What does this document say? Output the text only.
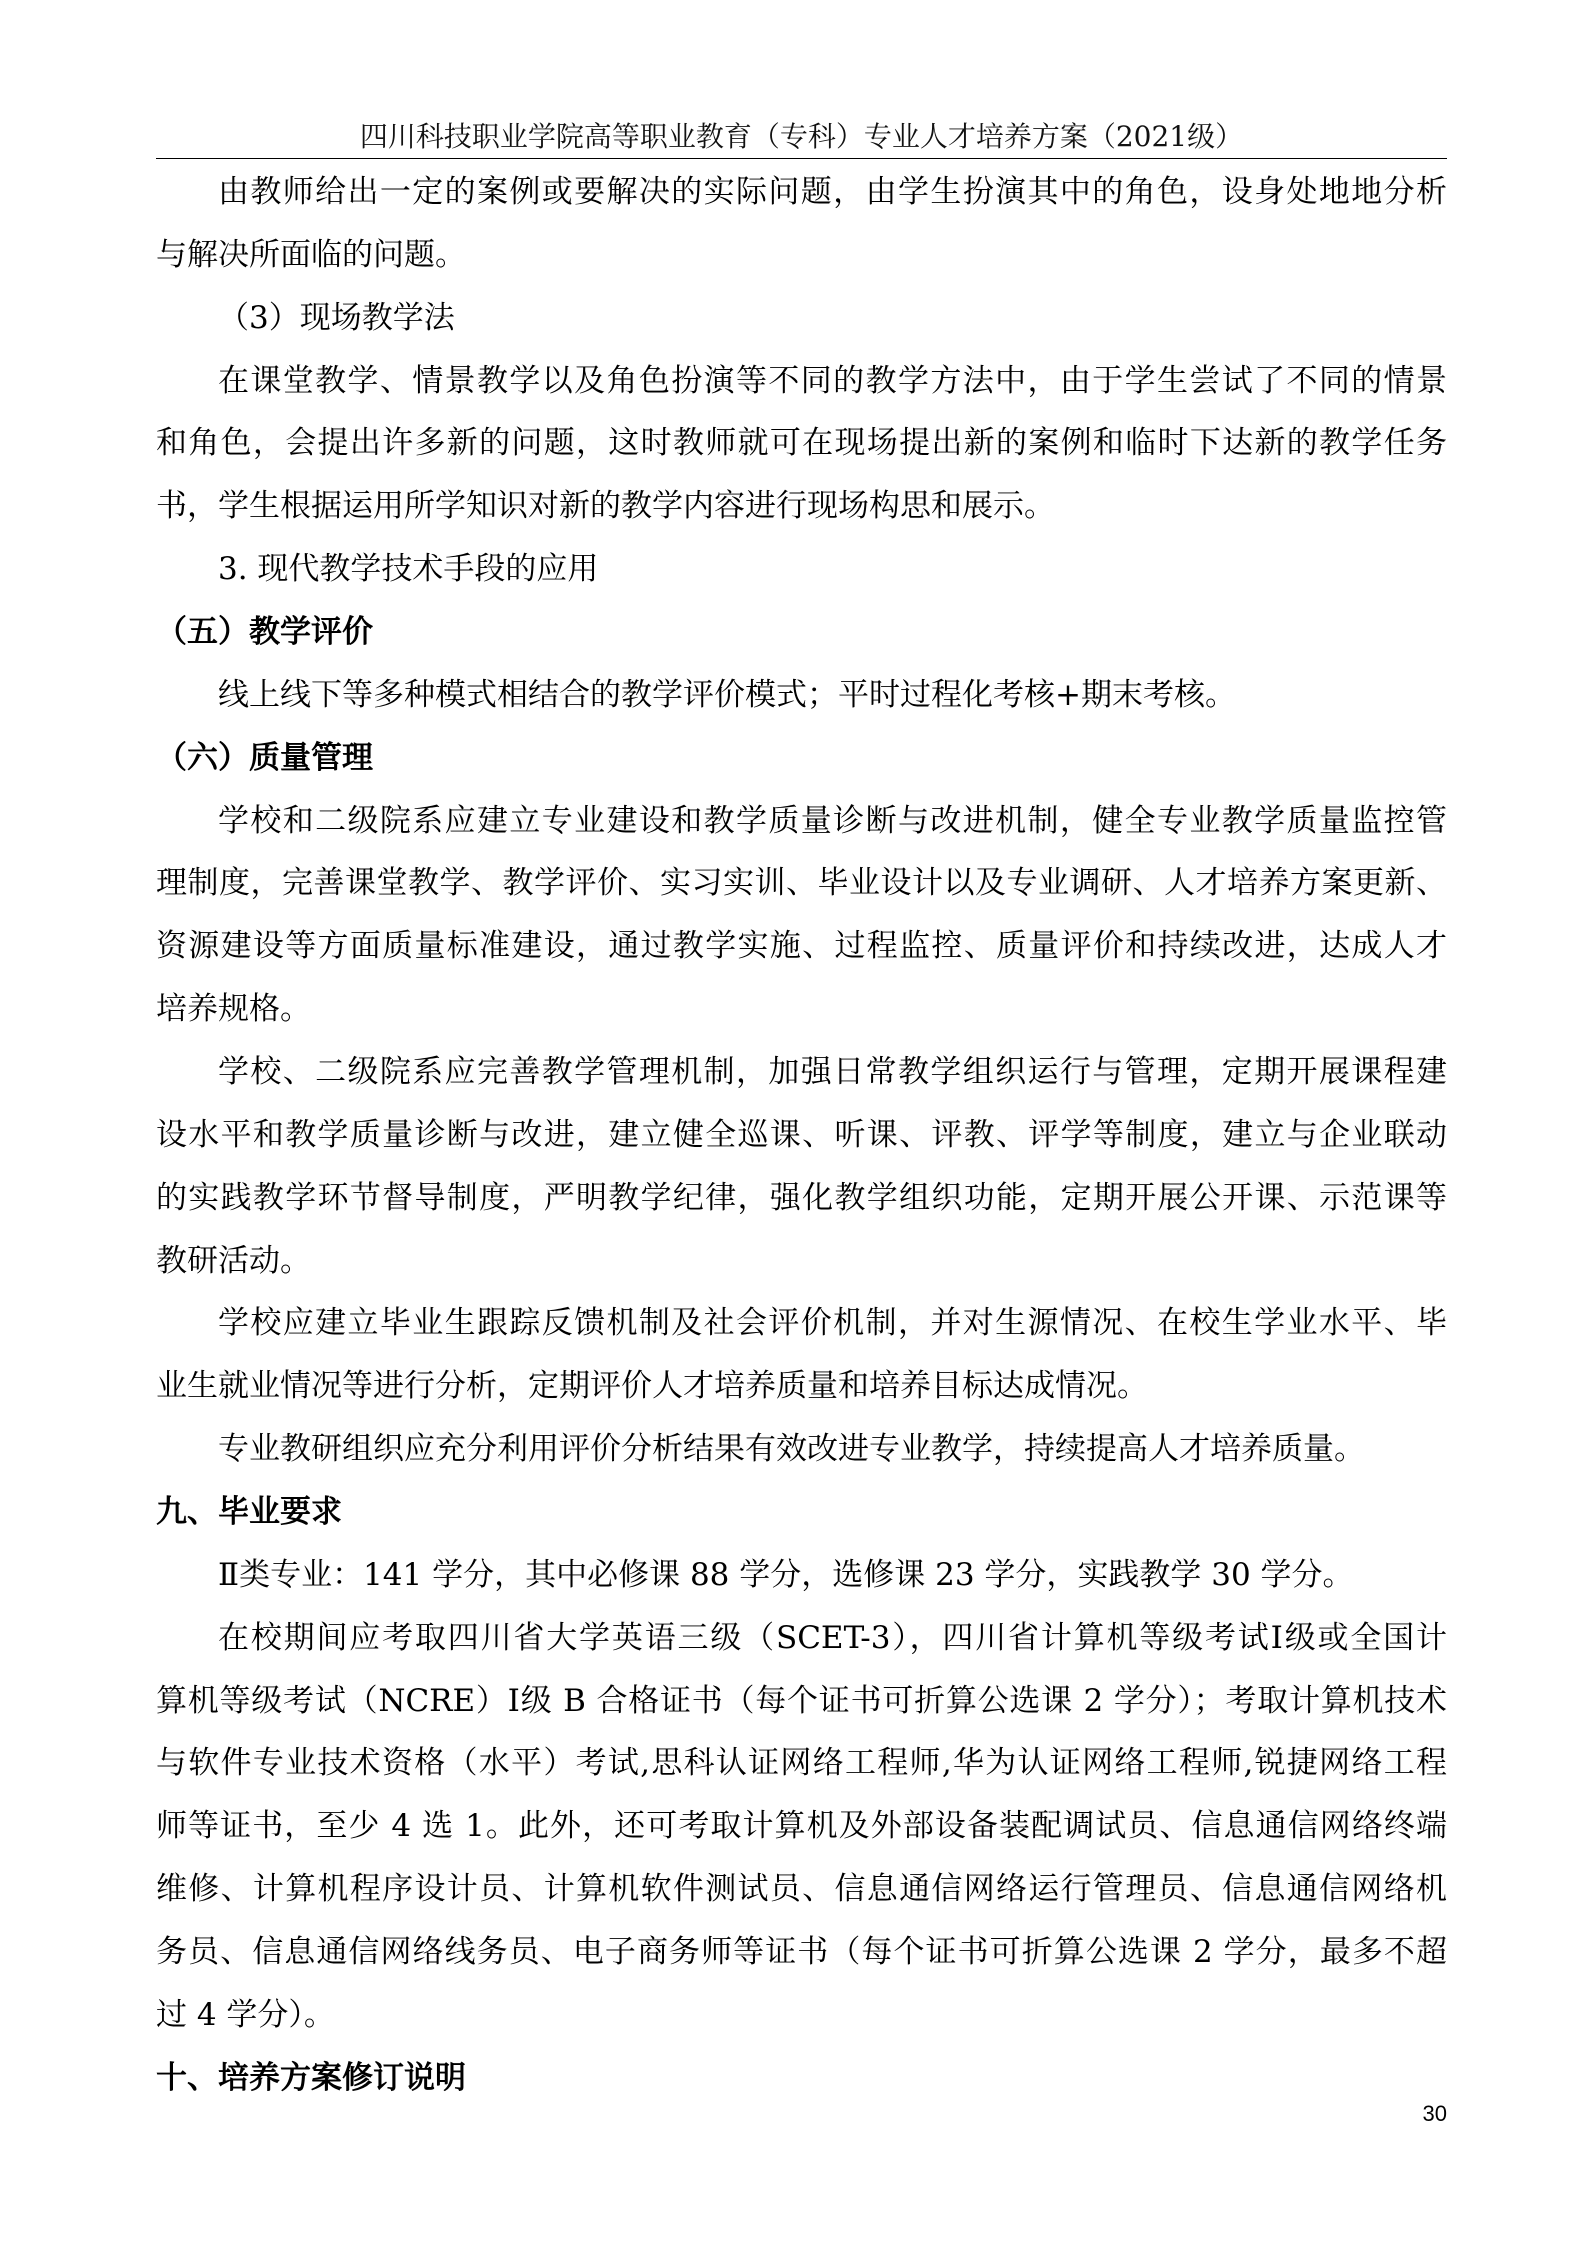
四川科技职业学院高等职业教育（专科）专业人才培养方案（2021级）
由教师给出一定的案例或要解决的实际问题，由学生扮演其中的角色，设身处地地分析
与解决所面临的问题。
（3）现场教学法
在课堂教学、情景教学以及角色扮演等不同的教学方法中，由于学生尝试了不同的情景
和角色，会提出许多新的问题，这时教师就可在现场提出新的案例和临时下达新的教学任务
书，学生根据运用所学知识对新的教学内容进行现场构思和展示。
3. 现代教学技术手段的应用
（五）教学评价
线上线下等多种模式相结合的教学评价模式；平时过程化考核+期末考核。
（六）质量管理
学校和二级院系应建立专业建设和教学质量诊断与改进机制，健全专业教学质量监控管
理制度，完善课堂教学、教学评价、实习实训、毕业设计以及专业调研、人才培养方案更新、
资源建设等方面质量标准建设，通过教学实施、过程监控、质量评价和持续改进，达成人才
培养规格。
学校、二级院系应完善教学管理机制，加强日常教学组织运行与管理，定期开展课程建
设水平和教学质量诊断与改进，建立健全巡课、听课、评教、评学等制度，建立与企业联动
的实践教学环节督导制度，严明教学纪律，强化教学组织功能，定期开展公开课、示范课等
教研活动。
学校应建立毕业生跟踪反馈机制及社会评价机制，并对生源情况、在校生学业水平、毕
业生就业情况等进行分析，定期评价人才培养质量和培养目标达成情况。
专业教研组织应充分利用评价分析结果有效改进专业教学，持续提高人才培养质量。
九、毕业要求
Ⅱ类专业：141 学分，其中必修课 88 学分，选修课 23 学分，实践教学 30 学分。
在校期间应考取四川省大学英语三级（SCET-3），四川省计算机等级考试Ⅰ级或全国计
算机等级考试（NCRE）Ⅰ级 B 合格证书（每个证书可折算公选课 2 学分）；考取计算机技术
与软件专业技术资格（水平）考试,思科认证网络工程师,华为认证网络工程师,锐捷网络工程
师等证书，至少 4 选 1。此外，还可考取计算机及外部设备装配调试员、信息通信网络终端
维修、计算机程序设计员、计算机软件测试员、信息通信网络运行管理员、信息通信网络机
务员、信息通信网络线务员、电子商务师等证书（每个证书可折算公选课 2 学分，最多不超
过 4 学分）。
十、培养方案修订说明
30
